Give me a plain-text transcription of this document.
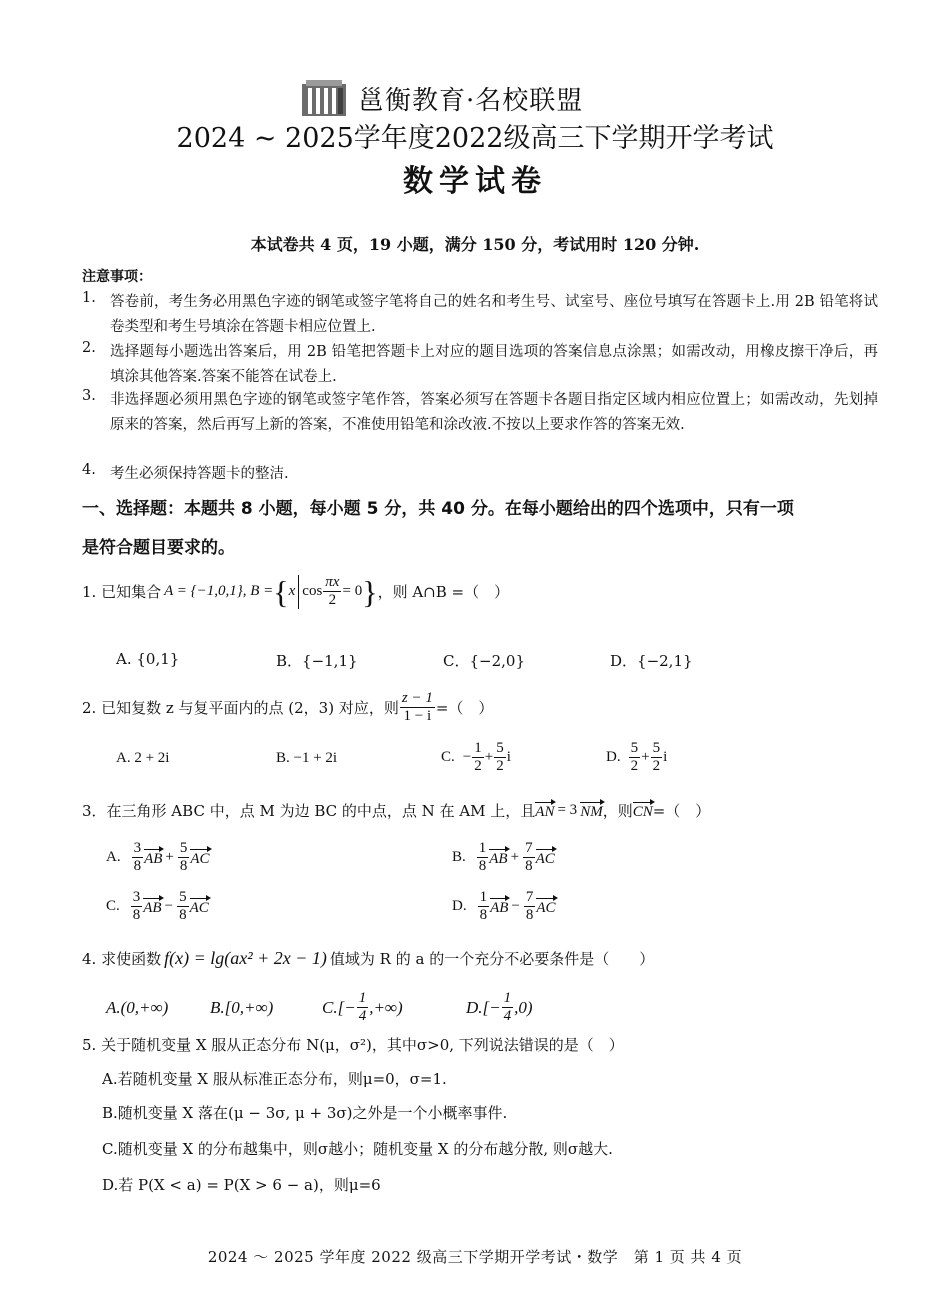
邕衡教育·名校联盟
2024 ~ 2025学年度2022级高三下学期开学考试
数学试卷
本试卷共 4 页，19 小题，满分 150 分，考试用时 120 分钟.
注意事项：
1. 答卷前，考生务必用黑色字迹的钢笔或签字笔将自己的姓名和考生号、试室号、座位号填写在答题卡上.用 2B 铅笔将试卷类型和考生号填涂在答题卡相应位置上.
2. 选择题每小题选出答案后，用 2B 铅笔把答题卡上对应的题目选项的答案信息点涂黑；如需改动，用橡皮擦干净后，再填涂其他答案.答案不能答在试卷上.
3. 非选择题必须用黑色字迹的钢笔或签字笔作答，答案必须写在答题卡各题目指定区域内相应位置上；如需改动，先划掉原来的答案，然后再写上新的答案，不准使用铅笔和涂改液.不按以上要求作答的答案无效.
4. 考生必须保持答题卡的整洁.
一、选择题：本题共 8 小题，每小题 5 分，共 40 分。在每小题给出的四个选项中，只有一项
是符合题目要求的。
1. 已知集合 A = {−1,0,1}, B = { x $\cos \frac{\pi x}{2} = 0$ } ，则 A∩B =（　）
A. {0,1}	B．{−1,1}	C．{−2,0}	D．{−2,1}
2. 已知复数 z 与复平面内的点 (2，3) 对应，则 $\frac{z - 1}{1 - i}$ =（　）
A. 2 + 2i	B. −1 + 2i	C. − $\frac{1}{2} + \frac{5}{2}$ i	D. $\frac{5}{2} + \frac{5}{2}$ i
3．在三角形 ABC 中，点 M 为边 BC 的中点，点 N 在 AM 上，且 AN = 3 NM ，则 CN =（　）
A. $\frac{3}{8}$ AB + $\frac{5}{8}$ AC	B. $\frac{1}{8}$ AB + $\frac{7}{8}$ AC
C. $\frac{3}{8}$ AB − $\frac{5}{8}$ AC	D. $\frac{1}{8}$ AB − $\frac{7}{8}$ AC
4. 求使函数 f(x) = lg(ax² + 2x − 1) 值域为 R 的 a 的一个充分不必要条件是（　　）
A.(0,+∞) B.[0,+∞)	$C.[- \frac{1}{4}$ ,+∞)	$D.[- \frac{1}{4} ,0)$
5. 关于随机变量 X 服从正态分布 N(μ，σ²)，其中σ>0, 下列说法错误的是（　）
A.若随机变量 X 服从标准正态分布，则μ=0，σ=1.
B.随机变量 X 落在(μ − 3σ, μ + 3σ)之外是一个小概率事件.
C.随机变量 X 的分布越集中，则σ越小；随机变量 X 的分布越分散, 则σ越大.
D.若 P(X < a) = P(X > 6 − a)，则μ=6
2024 ～ 2025 学年度 2022 级高三下学期开学考试・数学　第 1 页 共 4 页
